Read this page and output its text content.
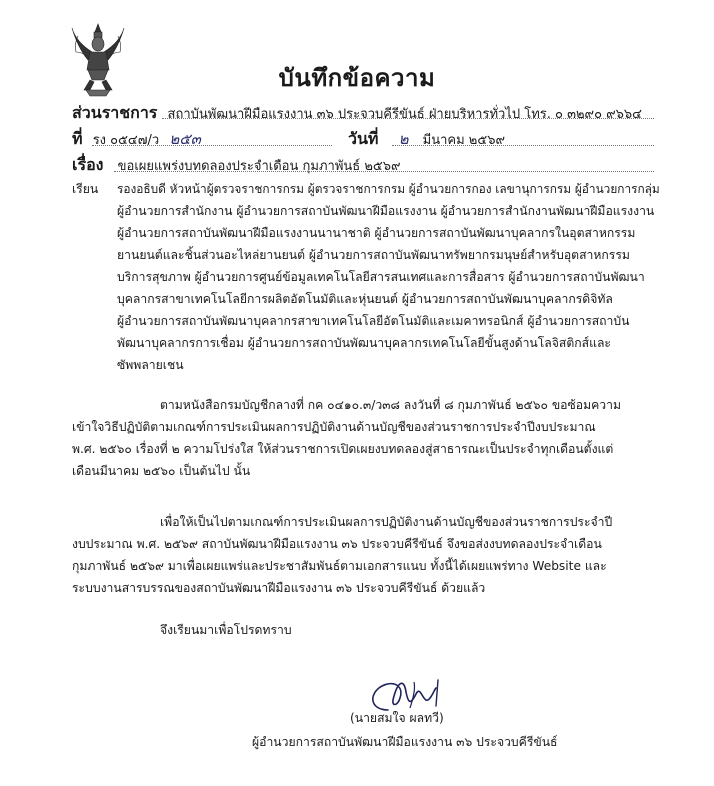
บันทึกข้อความ
ส่วนราชการ สถาบันพัฒนาฝีมือแรงงาน ๓๖ ประจวบคีรีขันธ์ ฝ่ายบริหารทั่วไป โทร. ๐ ๓๒๙๐ ๙๖๖๔
ที่ รง ๐๕๔๗/ว ๒๕๓	วันที่ ๒ มีนาคม ๒๕๖๙
เรื่อง ขอเผยแพร่งบทดลองประจำเดือน กุมภาพันธ์ ๒๕๖๙
เรียน รองอธิบดี หัวหน้าผู้ตรวจราชการกรม ผู้ตรวจราชการกรม ผู้อำนวยการกอง เลขานุการกรม ผู้อำนวยการกลุ่ม
ผู้อำนวยการสำนักงาน ผู้อำนวยการสถาบันพัฒนาฝีมือแรงงาน ผู้อำนวยการสำนักงานพัฒนาฝีมือแรงงาน
ผู้อำนวยการสถาบันพัฒนาฝีมือแรงงานนานาชาติ ผู้อำนวยการสถาบันพัฒนาบุคลากรในอุตสาหกรรม
ยานยนต์และชิ้นส่วนอะไหล่ยานยนต์ ผู้อำนวยการสถาบันพัฒนาทรัพยากรมนุษย์สำหรับอุตสาหกรรม
บริการสุขภาพ ผู้อำนวยการศูนย์ข้อมูลเทคโนโลยีสารสนเทศและการสื่อสาร ผู้อำนวยการสถาบันพัฒนา
บุคลากรสาขาเทคโนโลยีการผลิตอัตโนมัติและหุ่นยนต์ ผู้อำนวยการสถาบันพัฒนาบุคลากรดิจิทัล
ผู้อำนวยการสถาบันพัฒนาบุคลากรสาขาเทคโนโลยีอัตโนมัติและเมคาทรอนิกส์ ผู้อำนวยการสถาบัน
พัฒนาบุคลากรการเชื่อม ผู้อำนวยการสถาบันพัฒนาบุคลากรเทคโนโลยีขั้นสูงด้านโลจิสติกส์และ
ซัพพลายเชน
ตามหนังสือกรมบัญชีกลางที่ กค ๐๔๑๐.๓/ว๓๘ ลงวันที่ ๘ กุมภาพันธ์ ๒๕๖๐ ขอซ้อมความ
เข้าใจวิธีปฏิบัติตามเกณฑ์การประเมินผลการปฏิบัติงานด้านบัญชีของส่วนราชการประจำปีงบประมาณ
พ.ศ. ๒๕๖๐ เรื่องที่ ๒ ความโปร่งใส ให้ส่วนราชการเปิดเผยงบทดลองสู่สาธารณะเป็นประจำทุกเดือนตั้งแต่
เดือนมีนาคม ๒๕๖๐ เป็นต้นไป นั้น
เพื่อให้เป็นไปตามเกณฑ์การประเมินผลการปฏิบัติงานด้านบัญชีของส่วนราชการประจำปี
งบประมาณ พ.ศ. ๒๕๖๙ สถาบันพัฒนาฝีมือแรงงาน ๓๖ ประจวบคีรีขันธ์ จึงขอส่งงบทดลองประจำเดือน
กุมภาพันธ์ ๒๕๖๙ มาเพื่อเผยแพร่และประชาสัมพันธ์ตามเอกสารแนบ ทั้งนี้ได้เผยแพร่ทาง Website และ
ระบบงานสารบรรณของสถาบันพัฒนาฝีมือแรงงาน ๓๖ ประจวบคีรีขันธ์ ด้วยแล้ว
จึงเรียนมาเพื่อโปรดทราบ
(นายสมใจ ผลทวี)
ผู้อำนวยการสถาบันพัฒนาฝีมือแรงงาน ๓๖ ประจวบคีรีขันธ์
